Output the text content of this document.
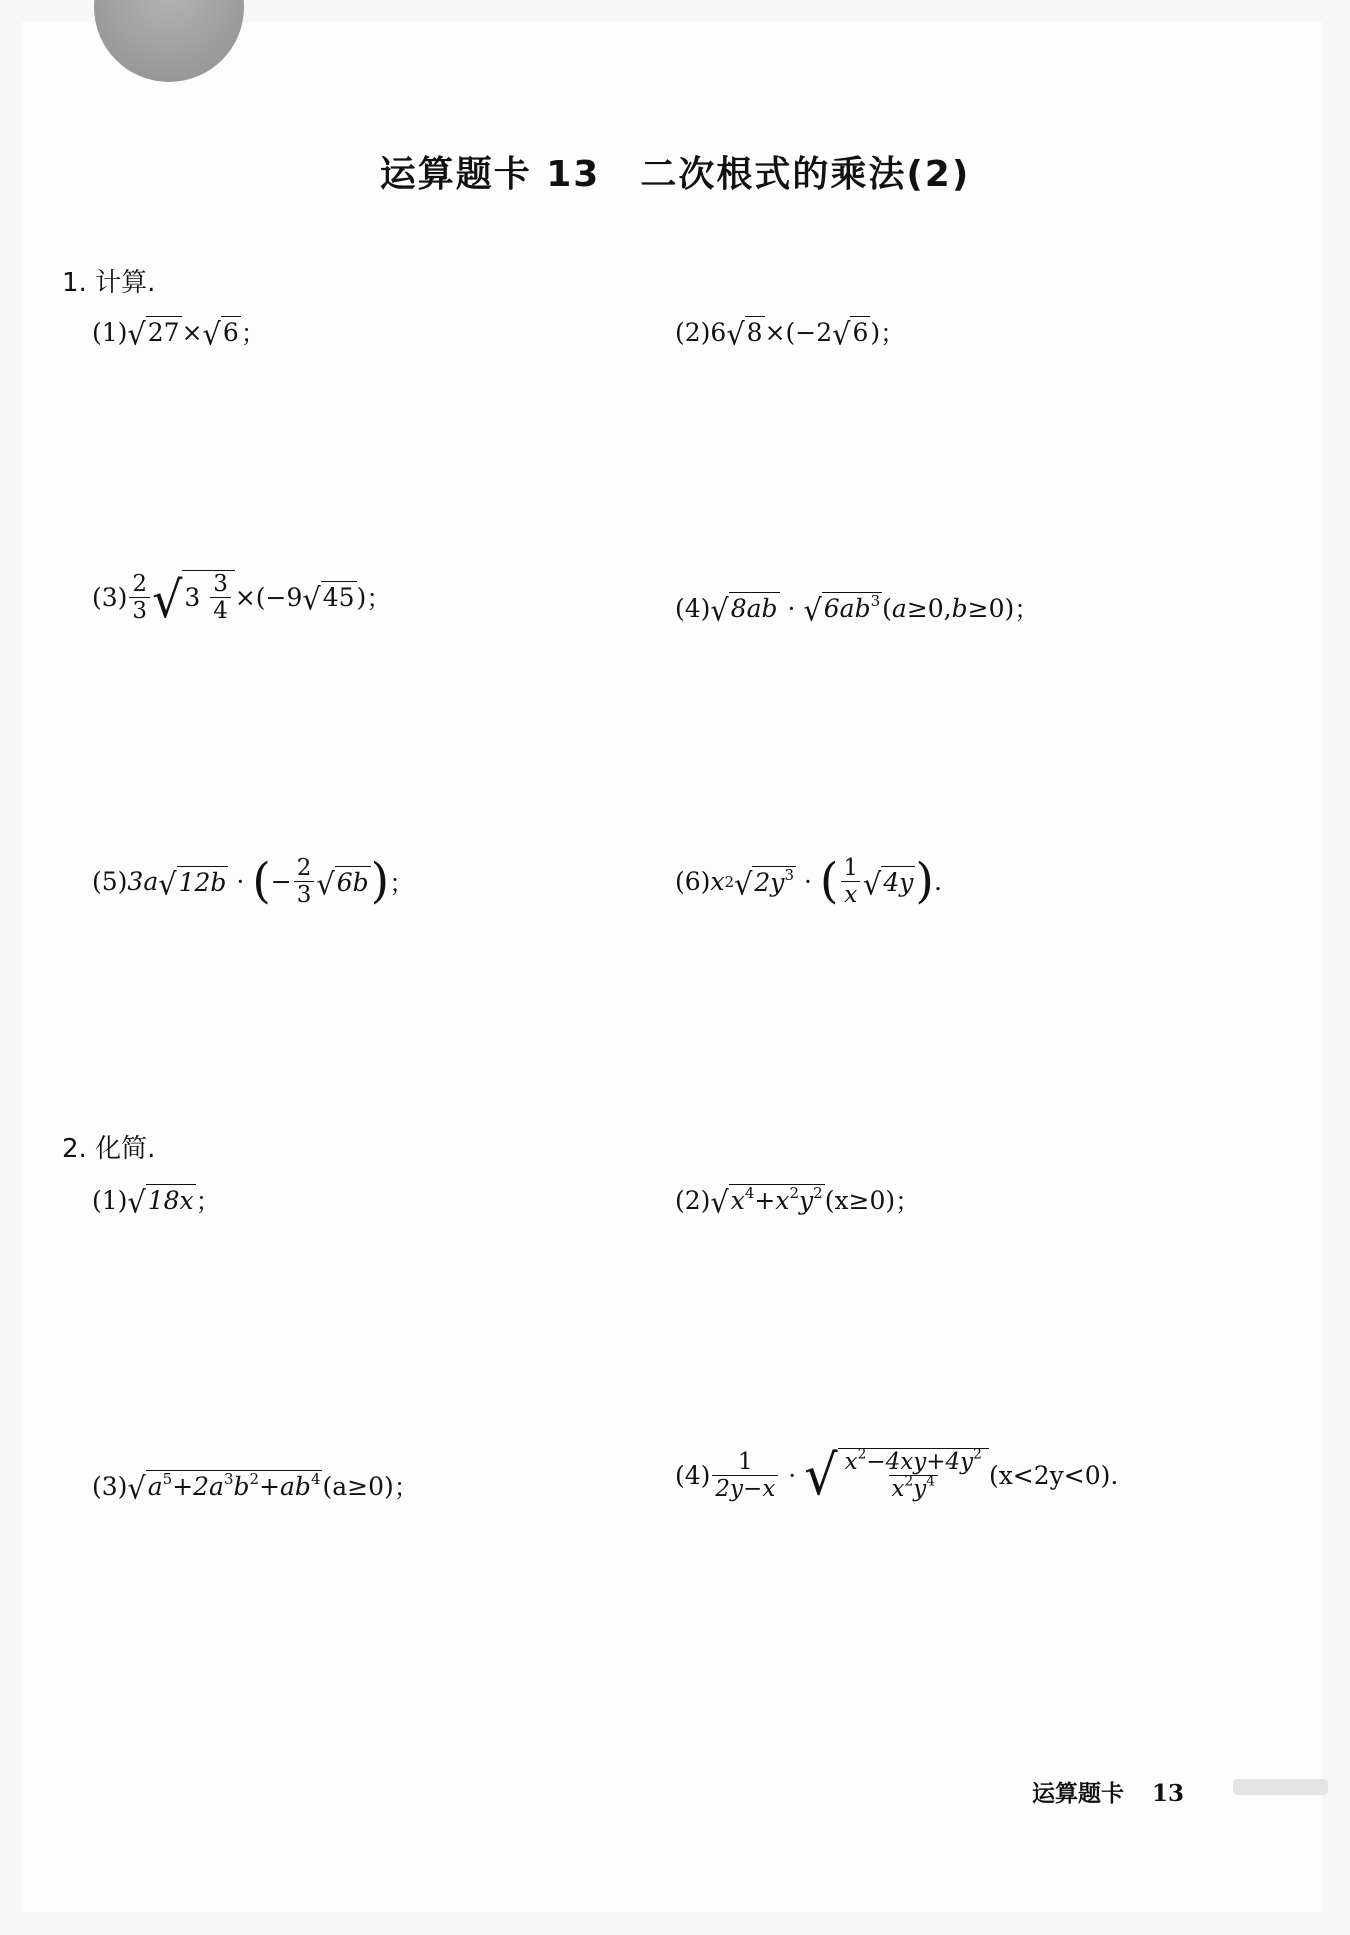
运算题卡 13 二次根式的乘法(2)
1. 计算.
(1) √ 27 × √ 6 ；	(2) 6 √ 8 × ( −2 √ 6 ) ；
$(3) \frac{2}{3}$ √ 3
$\frac{3}{4} \times(-9$ √ 45 ) ；	(4) √ 8ab
·
√ $6ab^3$ ( a ≥0, b ≥0 ) ；
(5) 3a √ 12b
·
( − $\frac{2}{3}$ √ 6b ) ；	(6) x 2 √ $2y^3$
·
( $\frac{1}{x}$ √ 4y ) .
2. 化简.
(1) √ 18x ；	(2) √ $x^4+x^2y^2$ (x≥0) ；
(3) √ $a^5+2a^3b^2+ab^4$ (a≥0) ；	$(4) \frac{1}{2y-x}$
·
√ $\frac{x^2-4xy+4y^2}{x^2y^4} (x<2y<0)$ .
运算题卡 13
